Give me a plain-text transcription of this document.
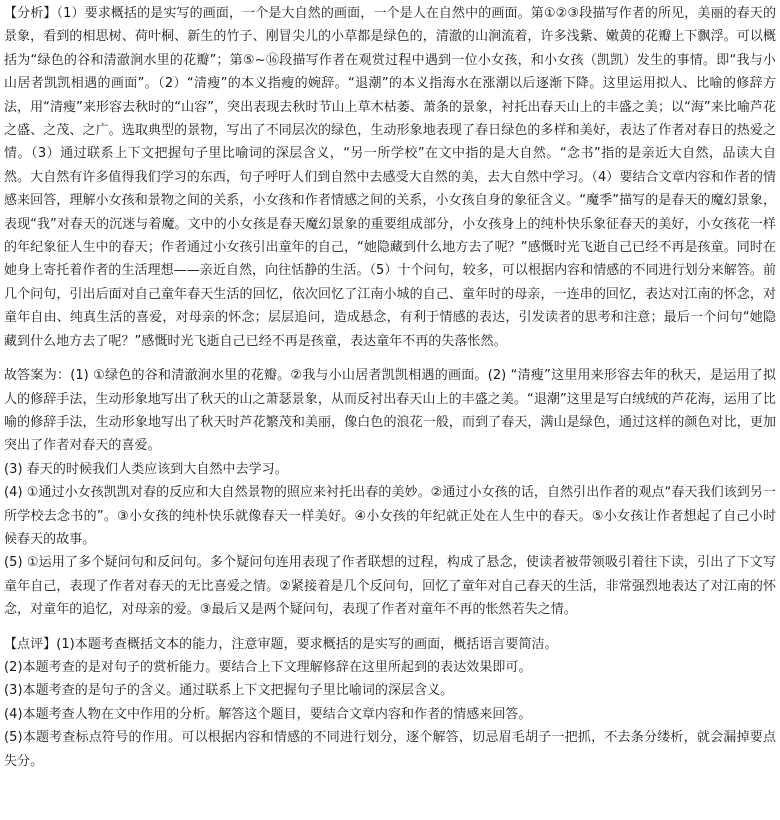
【分析】（1）要求概括的是实写的画面，一个是大自然的画面，一个是人在自然中的画面。第①②③段描写作者的所见，美丽的春天的景象，看到的相思树、荷叶桐、新生的竹子、刚冒尖儿的小草都是绿色的，清澈的山涧流着，许多浅紫、嫩黄的花瓣上下飘浮。可以概括为“绿色的谷和清澈涧水里的花瓣”；第⑤~⑯段描写作者在观赏过程中遇到一位小女孩，和小女孩（凯凯）发生的事情。即“我与小山居者凯凯相遇的画面”。（2）“清瘦”的本义指瘦的婉辞。“退潮”的本义指海水在涨潮以后逐渐下降。这里运用拟人、比喻的修辞方法，用“清瘦”来形容去秋时的“山容”，突出表现去秋时节山上草木枯萎、萧条的景象，衬托出春天山上的丰盛之美；以“海”来比喻芦花之盛、之茂、之广。选取典型的景物，写出了不同层次的绿色，生动形象地表现了春日绿色的多样和美好，表达了作者对春日的热爱之情。（3）通过联系上下文把握句子里比喻词的深层含义，“另一所学校”在文中指的是大自然。“念书”指的是亲近大自然，品读大自然。大自然有许多值得我们学习的东西，句子呼吁人们到自然中去感受大自然的美，去大自然中学习。（4）要结合文章内容和作者的情感来回答，理解小女孩和景物之间的关系，小女孩和作者情感之间的关系，小女孩自身的象征含义。“魔季”描写的是春天的魔幻景象，表现“我”对春天的沉迷与着魔。文中的小女孩是春天魔幻景象的重要组成部分，小女孩身上的纯朴快乐象征春天的美好，小女孩花一样的年纪象征人生中的春天；作者通过小女孩引出童年的自己，“她隐藏到什么地方去了呢？”感慨时光飞逝自己已经不再是孩童。同时在她身上寄托着作者的生活理想——亲近自然，向往恬静的生活。（5）十个问句，较多，可以根据内容和情感的不同进行划分来解答。前几个问句，引出后面对自己童年春天生活的回忆，依次回忆了江南小城的自己、童年时的母亲，一连串的回忆，表达对江南的怀念，对童年自由、纯真生活的喜爱，对母亲的怀念；层层追问，造成悬念，有利于情感的表达，引发读者的思考和注意；最后一个问句“她隐藏到什么地方去了呢？”感慨时光飞逝自己已经不再是孩童，表达童年不再的失落怅然。

故答案为：(1) ①绿色的谷和清澈涧水里的花瓣。②我与小山居者凯凯相遇的画面。(2) “清瘦”这里用来形容去年的秋天，是运用了拟人的修辞手法，生动形象地写出了秋天的山之萧瑟景象，从而反衬出春天山上的丰盛之美。“退潮”这里是写白绒绒的芦花海，运用了比喻的修辞手法，生动形象地写出了秋天时芦花繁茂和美丽，像白色的浪花一般，而到了春天，满山是绿色，通过这样的颜色对比，更加突出了作者对春天的喜爱。
(3) 春天的时候我们人类应该到大自然中去学习。
(4) ①通过小女孩凯凯对春的反应和大自然景物的照应来衬托出春的美妙。②通过小女孩的话，自然引出作者的观点“春天我们该到另一所学校去念书的”。③小女孩的纯朴快乐就像春天一样美好。④小女孩的年纪就正处在人生中的春天。⑤小女孩让作者想起了自己小时候春天的故事。
(5) ①运用了多个疑问句和反问句。多个疑问句连用表现了作者联想的过程，构成了悬念，使读者被带领吸引着往下读，引出了下文写童年自己，表现了作者对春天的无比喜爱之情。②紧接着是几个反问句，回忆了童年对自己春天的生活，非常强烈地表达了对江南的怀念，对童年的追忆，对母亲的爱。③最后又是两个疑问句，表现了作者对童年不再的怅然若失之情。
【点评】(1)本题考查概括文本的能力，注意审题，要求概括的是实写的画面，概括语言要简洁。
(2)本题考查的是对句子的赏析能力。要结合上下文理解修辞在这里所起到的表达效果即可。
(3)本题考查的是句子的含义。通过联系上下文把握句子里比喻词的深层含义。
(4)本题考查人物在文中作用的分析。解答这个题目，要结合文章内容和作者的情感来回答。
(5)本题考查标点符号的作用。可以根据内容和情感的不同进行划分，逐个解答，切忌眉毛胡子一把抓，不去条分缕析，就会漏掉要点失分。
